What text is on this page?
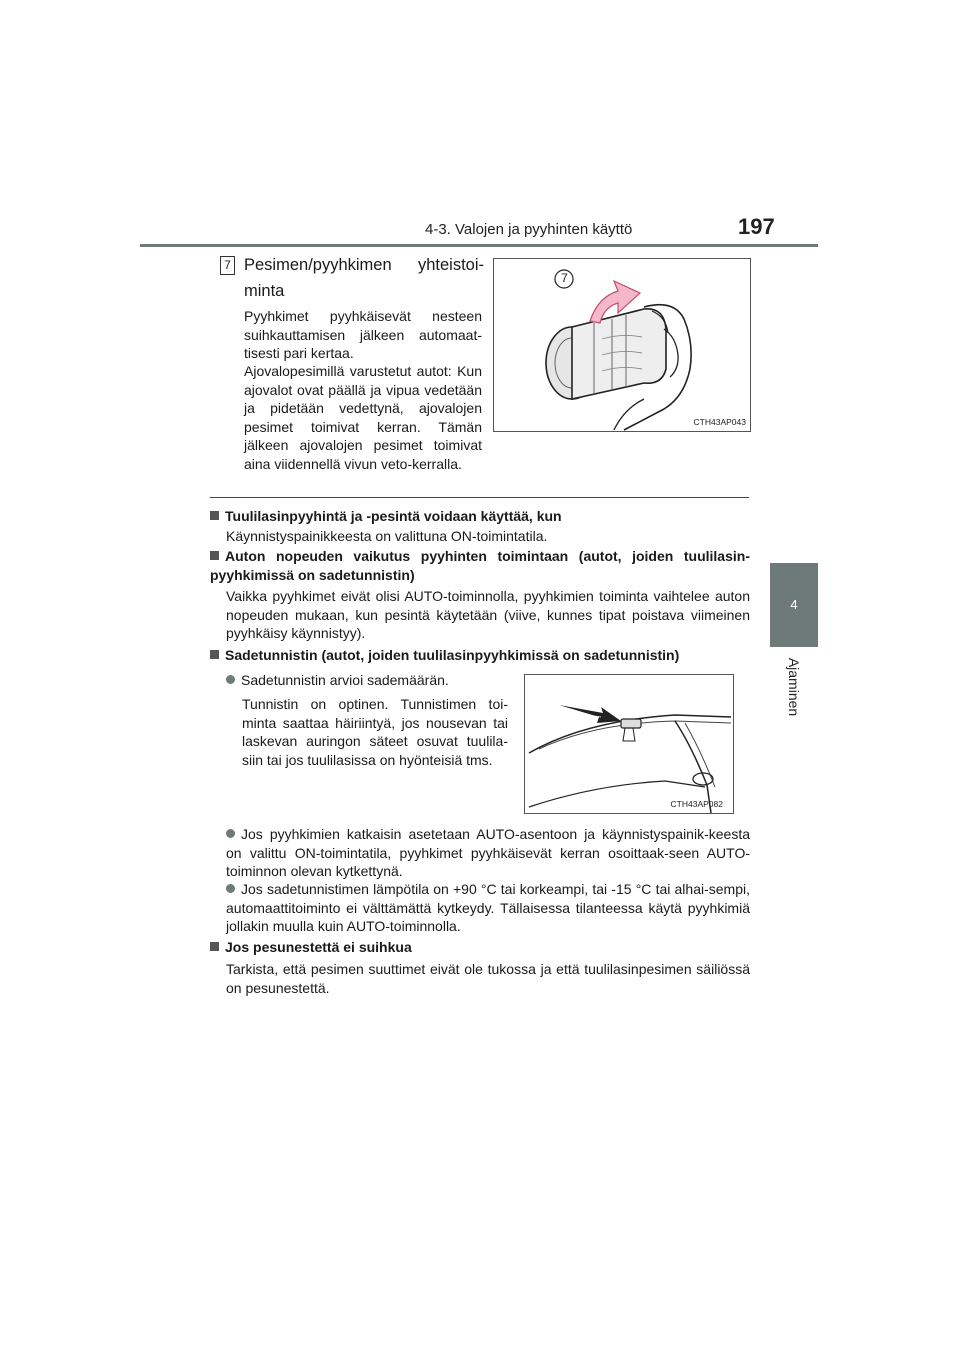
4-3. Valojen ja pyyhinten käyttö	197
4
Ajaminen
7 Pesimen/pyyhkimen yhteistoi-
minta
Pyyhkimet pyyhkäisevät nesteen suihkauttamisen jälkeen automaat-tisesti pari kertaa.
Ajovalopesimillä varustetut autot: Kun ajovalot ovat päällä ja vipua vedetään ja pidetään vedettynä, ajovalojen pesimet toimivat kerran. Tämän jälkeen ajovalojen pesimet toimivat aina viidennellä vivun veto-kerralla.
7
CTH43AP043
Tuulilasinpyyhintä ja -pesintä voidaan käyttää, kun
Käynnistyspainikkeesta on valittuna ON-toimintatila.
Auton nopeuden vaikutus pyyhinten toimintaan (autot, joiden tuulilasin-pyyhkimissä on sadetunnistin)
Vaikka pyyhkimet eivät olisi AUTO-toiminnolla, pyyhkimien toiminta vaihtelee auton nopeuden mukaan, kun pesintä käytetään (viive, kunnes tipat poistava viimeinen pyyhkäisy käynnistyy).
Sadetunnistin (autot, joiden tuulilasinpyyhkimissä on sadetunnistin)
Sadetunnistin arvioi sademäärän.
Tunnistin on optinen. Tunnistimen toi-minta saattaa häiriintyä, jos nousevan tai laskevan auringon säteet osuvat tuulila-siin tai jos tuulilasissa on hyönteisiä tms.
CTH43AP082
Jos pyyhkimien katkaisin asetetaan AUTO-asentoon ja käynnistyspainik-keesta on valittu ON-toimintatila, pyyhkimet pyyhkäisevät kerran osoittaak-seen AUTO-toiminnon olevan kytkettynä.
Jos sadetunnistimen lämpötila on +90 °C tai korkeampi, tai -15 °C tai alhai-sempi, automaattitoiminto ei välttämättä kytkeydy. Tällaisessa tilanteessa käytä pyyhkimiä jollakin muulla kuin AUTO-toiminnolla.
Jos pesunestettä ei suihkua
Tarkista, että pesimen suuttimet eivät ole tukossa ja että tuulilasinpesimen säiliössä on pesunestettä.
